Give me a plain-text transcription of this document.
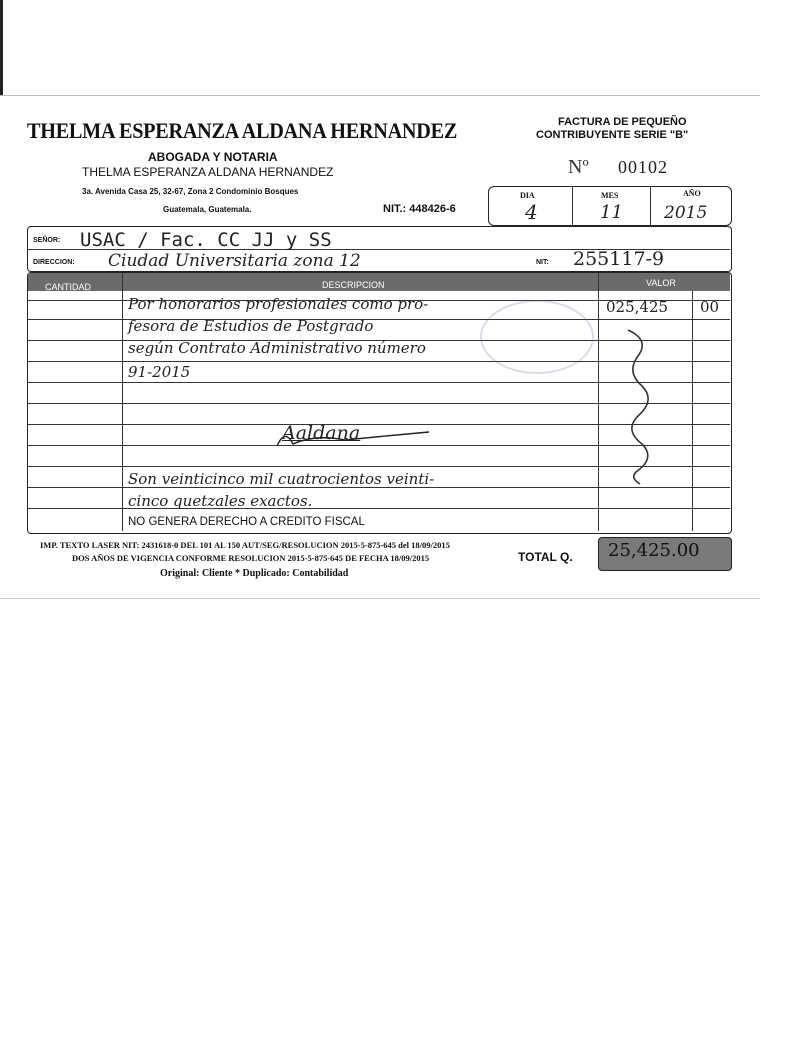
THELMA ESPERANZA ALDANA HERNANDEZ
ABOGADA Y NOTARIA
THELMA ESPERANZA ALDANA HERNANDEZ
3a. Avenida Casa 25, 32-67, Zona 2 Condominio Bosques
Guatemala, Guatemala.	NIT.: 448426-6
FACTURA DE PEQUEÑO
CONTRIBUYENTE SERIE "B"
Nº 00102
DIA	MES	AÑO
4	11 2015
SEÑOR: USAC / Fac. CC JJ y SS
DIRECCION: Ciudad Universitaria zona 12	NIT: 255117-9
CANTIDAD	DESCRIPCION	VALOR
Por honorarios profesionales como pro-
fesora de Estudios de Postgrado
según Contrato Administrativo número
91-2015
025,425 00
Aaldana
Son veinticinco mil cuatrocientos veinti-
cinco quetzales exactos.
NO GENERA DERECHO A CREDITO FISCAL
IMP. TEXTO LASER NIT: 2431618-0 DEL 101 AL 150 AUT/SEG/RESOLUCION 2015-5-875-645 del 18/09/2015
DOS AÑOS DE VIGENCIA CONFORME RESOLUCION 2015-5-875-645 DE FECHA 18/09/2015
Original: Cliente * Duplicado: Contabilidad
TOTAL Q. 25,425.00
